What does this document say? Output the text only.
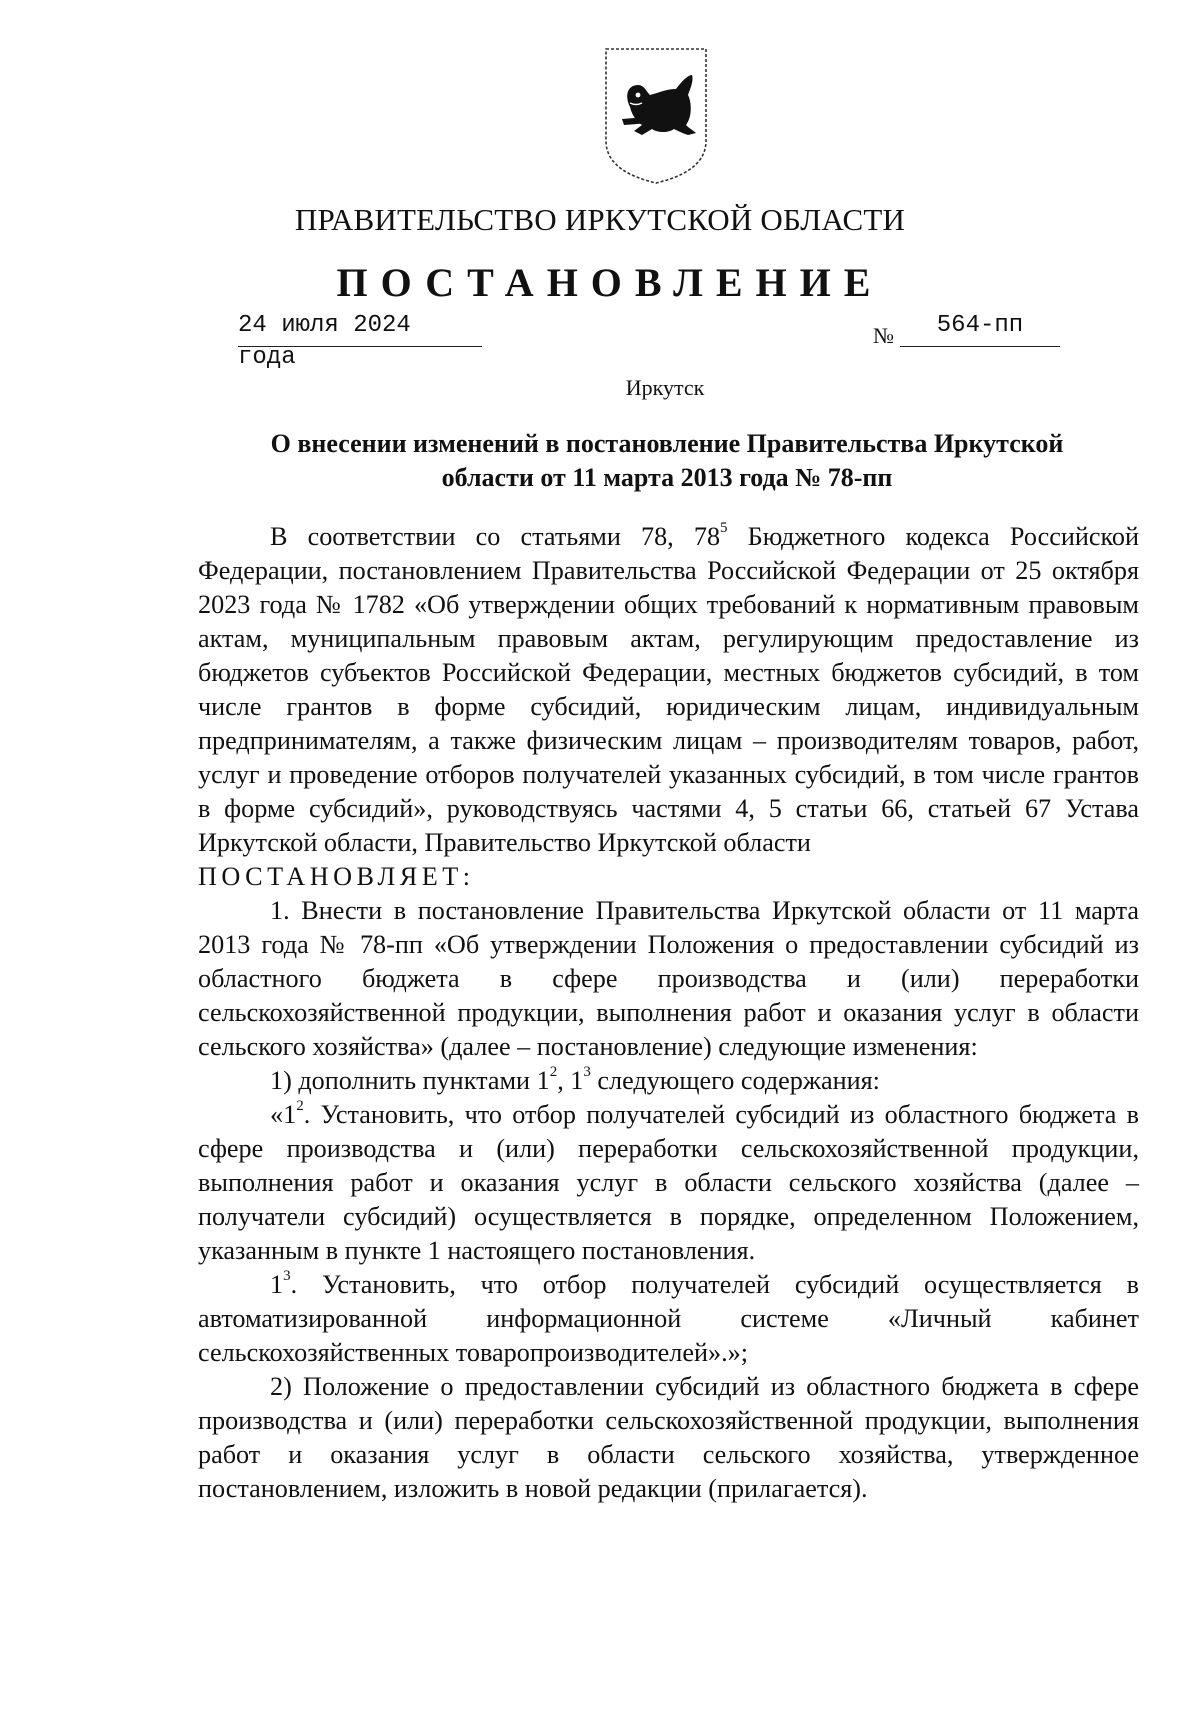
ПРАВИТЕЛЬСТВО ИРКУТСКОЙ ОБЛАСТИ
ПОСТАНОВЛЕНИЕ
24 июля 2024 года
№	564-пп
Иркутск
О внесении изменений в постановление Правительства Иркутской
области от 11 марта 2013 года № 78-пп

В соответствии со статьями 78, $78^5$ Бюджетного кодекса Российской Федерации, постановлением Правительства Российской Федерации от 25 октября 2023 года № 1782 «Об утверждении общих требований к нормативным правовым актам, муниципальным правовым актам, регулирующим предоставление из бюджетов субъектов Российской Федерации, местных бюджетов субсидий, в том числе грантов в форме субсидий, юридическим лицам, индивидуальным предпринимателям, а также физическим лицам – производителям товаров, работ, услуг и проведение отборов получателей указанных субсидий, в том числе грантов в форме субсидий», руководствуясь частями 4, 5 статьи 66, статьей 67 Устава Иркутской области, Правительство Иркутской области

ПОСТАНОВЛЯЕТ:

1. Внести в постановление Правительства Иркутской области от 11 марта 2013 года № 78-пп «Об утверждении Положения о предоставлении субсидий из областного бюджета в сфере производства и (или) переработки сельскохозяйственной продукции, выполнения работ и оказания услуг в области сельского хозяйства» (далее – постановление) следующие изменения:

1) дополнить пунктами $1^2$, $1^3$ следующего содержания:

«$1^2$. Установить, что отбор получателей субсидий из областного бюджета в сфере производства и (или) переработки сельскохозяйственной продукции, выполнения работ и оказания услуг в области сельского хозяйства (далее – получатели субсидий) осуществляется в порядке, определенном Положением, указанным в пункте 1 настоящего постановления.

$1^3$. Установить, что отбор получателей субсидий осуществляется в автоматизированной информационной системе «Личный кабинет сельскохозяйственных товаропроизводителей».»;

2) Положение о предоставлении субсидий из областного бюджета в сфере производства и (или) переработки сельскохозяйственной продукции, выполнения работ и оказания услуг в области сельского хозяйства, утвержденное постановлением, изложить в новой редакции (прилагается).
